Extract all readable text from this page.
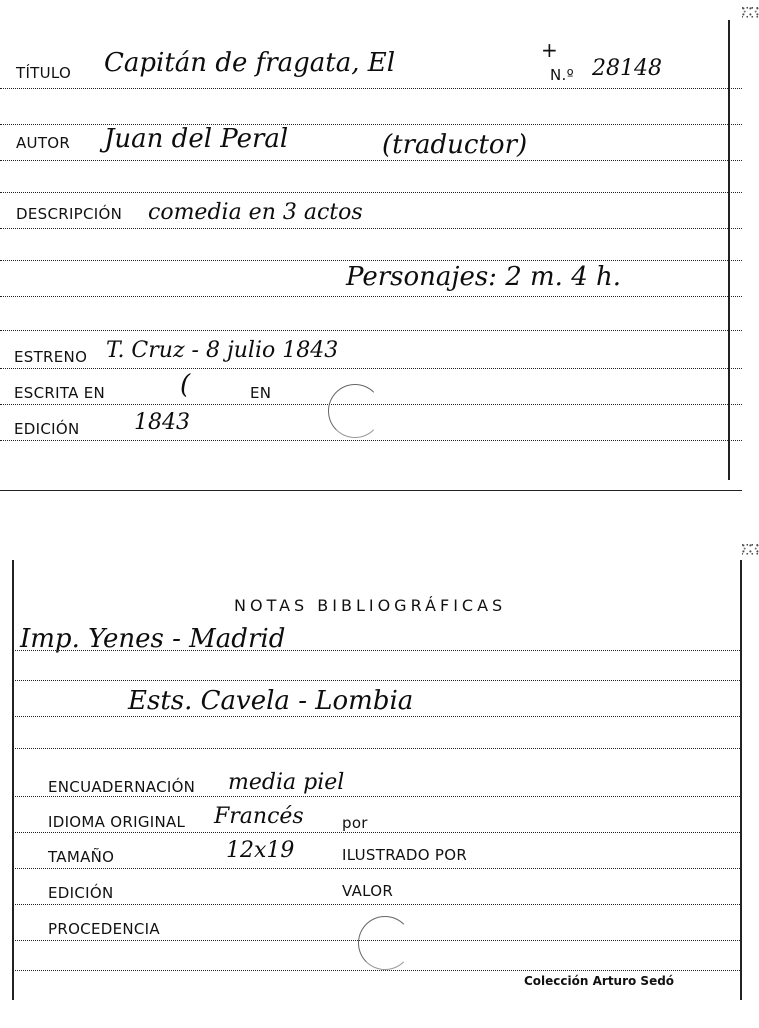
TÍTULO Capitán de fragata, El	+
N.º 28148
AUTOR Juan del Peral	(traductor)
DESCRIPCIÓN comedia en 3 actos
Personajes: 2 m. 4 h.
ESTRENO T. Cruz - 8 julio 1843
ESCRITA EN	(	EN
EDICIÓN 1843
NOTAS BIBLIOGRÁFICAS
Imp. Yenes - Madrid
Ests. Cavela - Lombia
ENCUADERNACIÓN media piel
IDIOMA ORIGINAL Francés	por
TAMAÑO	12x19	ILUSTRADO POR
EDICIÓN	VALOR
PROCEDENCIA
Colección Arturo Sedó
